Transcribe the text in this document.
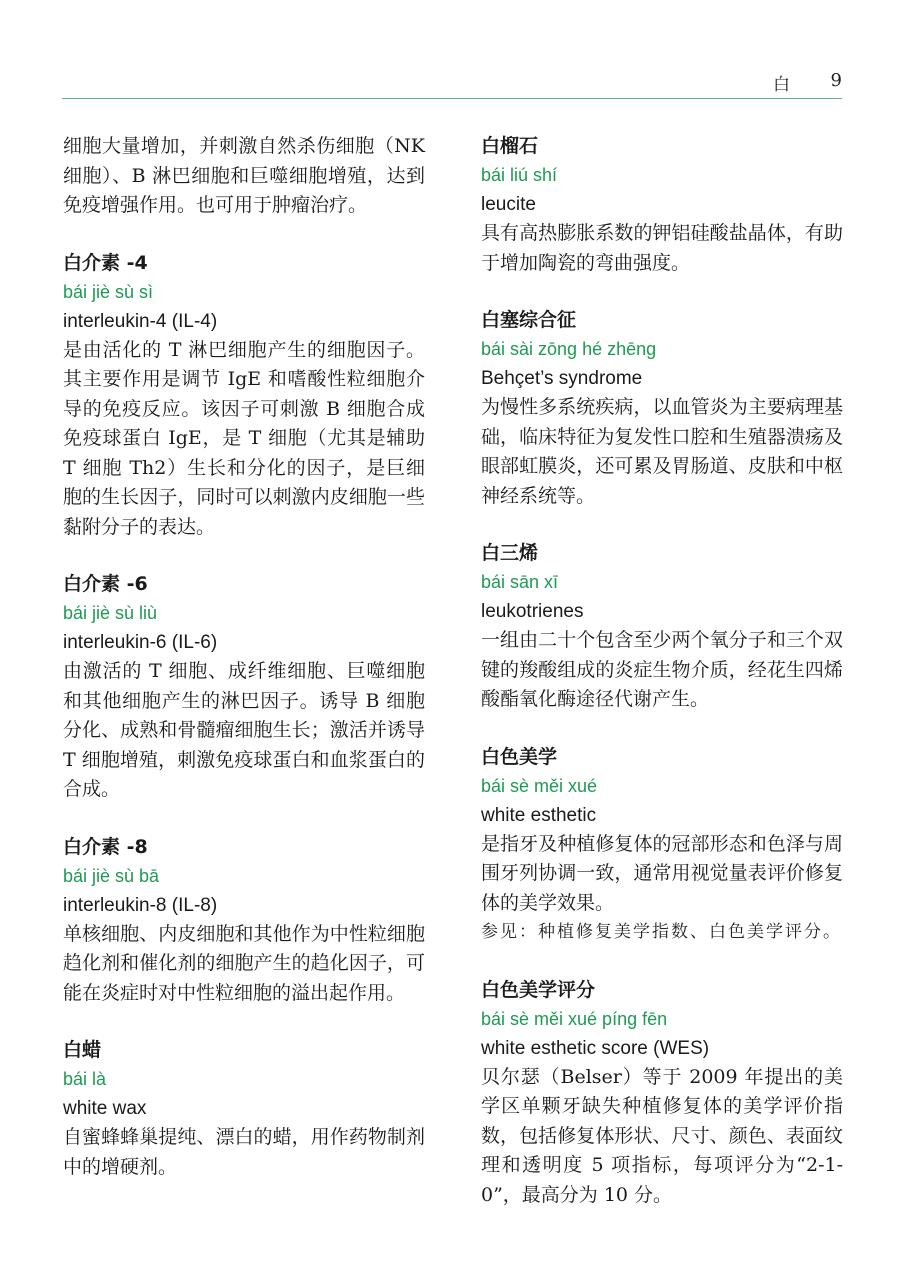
白 9

细胞大量增加，并刺激自然杀伤细胞（NK 细胞）、B 淋巴细胞和巨噬细胞增殖，达到免疫增强作用。也可用于肿瘤治疗。

白介素 -4

bái jiè sù sì

interleukin-4 (IL-4)

是由活化的 T 淋巴细胞产生的细胞因子。其主要作用是调节 IgE 和嗜酸性粒细胞介导的免疫反应。该因子可刺激 B 细胞合成免疫球蛋白 IgE，是 T 细胞（尤其是辅助 T 细胞 Th2）生长和分化的因子，是巨细胞的生长因子，同时可以刺激内皮细胞一些黏附分子的表达。

白介素 -6

bái jiè sù liù

interleukin-6 (IL-6)

由激活的 T 细胞、成纤维细胞、巨噬细胞和其他细胞产生的淋巴因子。诱导 B 细胞分化、成熟和骨髓瘤细胞生长；激活并诱导 T 细胞增殖，刺激免疫球蛋白和血浆蛋白的合成。

白介素 -8

bái jiè sù bā

interleukin-8 (IL-8)

单核细胞、内皮细胞和其他作为中性粒细胞趋化剂和催化剂的细胞产生的趋化因子，可能在炎症时对中性粒细胞的溢出起作用。

白蜡

bái là

white wax

自蜜蜂蜂巢提纯、漂白的蜡，用作药物制剂中的增硬剂。

白榴石

bái liú shí

leucite

具有高热膨胀系数的钾铝硅酸盐晶体，有助于增加陶瓷的弯曲强度。

白塞综合征

bái sài zōng hé zhēng

Behçet’s syndrome

为慢性多系统疾病，以血管炎为主要病理基础，临床特征为复发性口腔和生殖器溃疡及眼部虹膜炎，还可累及胃肠道、皮肤和中枢神经系统等。

白三烯

bái sān xī

leukotrienes

一组由二十个包含至少两个氧分子和三个双键的羧酸组成的炎症生物介质，经花生四烯酸酯氧化酶途径代谢产生。

白色美学

bái sè měi xué

white esthetic

是指牙及种植修复体的冠部形态和色泽与周围牙列协调一致，通常用视觉量表评价修复体的美学效果。

参见：种植修复美学指数、白色美学评分。

白色美学评分

bái sè měi xué píng fēn

white esthetic score (WES)

贝尔瑟（Belser）等于 2009 年提出的美学区单颗牙缺失种植修复体的美学评价指数，包括修复体形状、尺寸、颜色、表面纹理和透明度 5 项指标，每项评分为“2-1-0”，最高分为 10 分。
